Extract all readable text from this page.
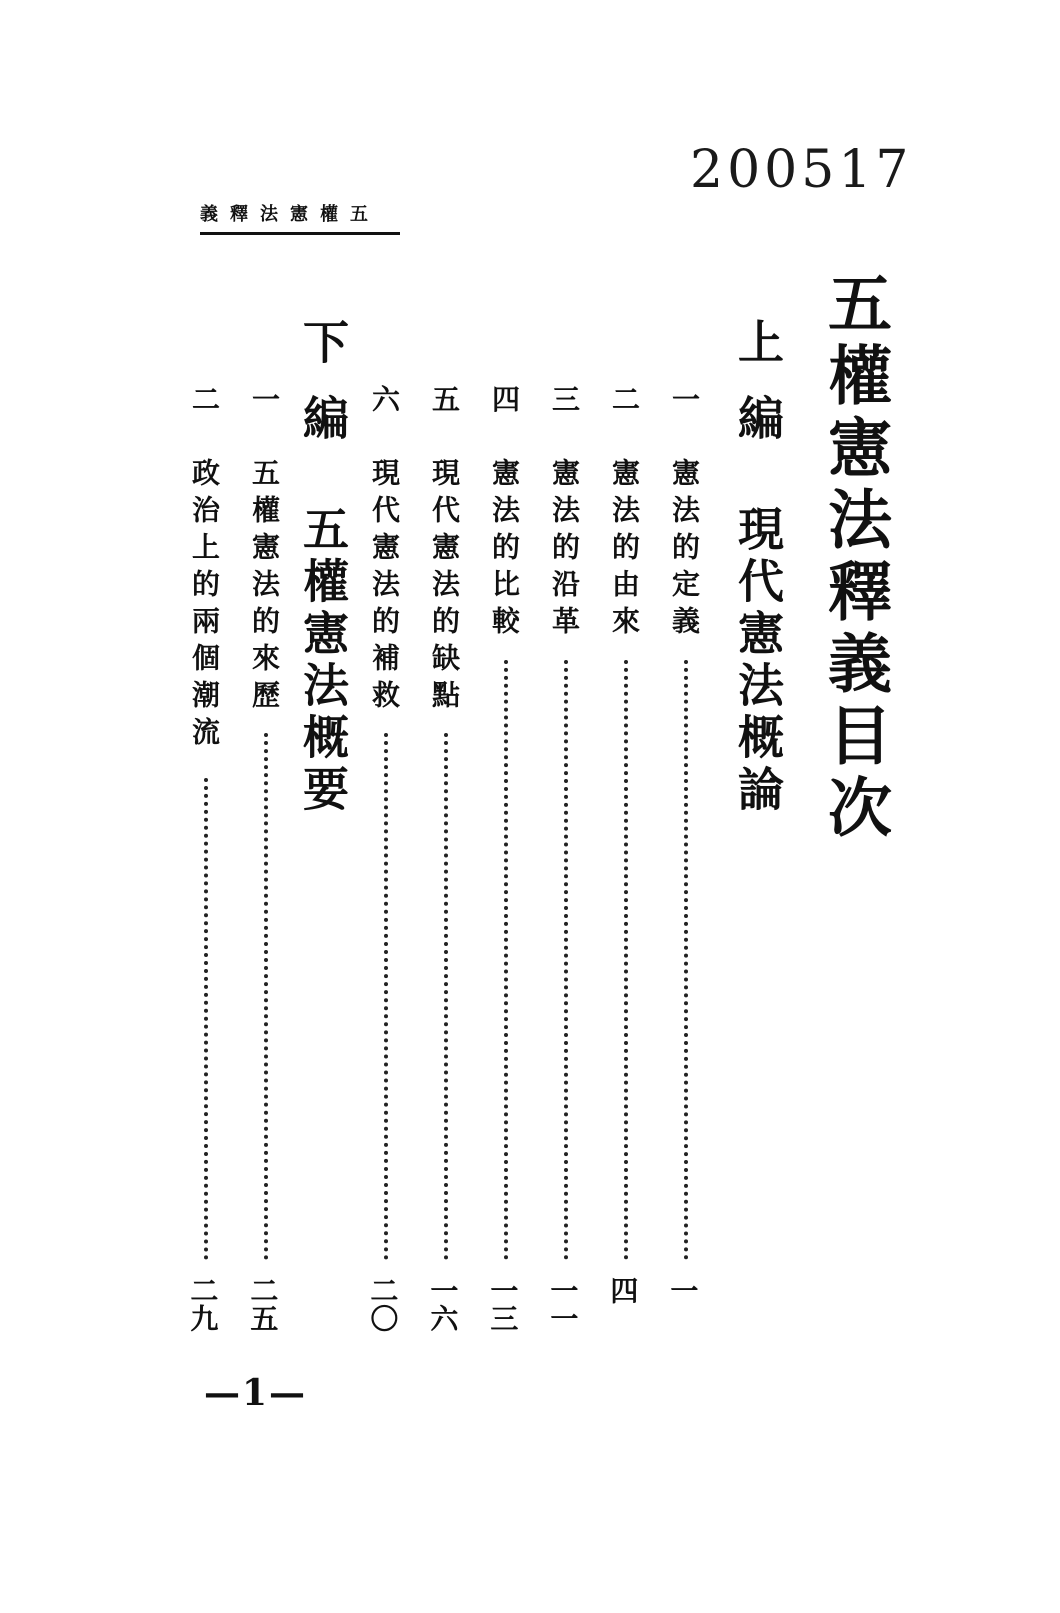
200517
五權憲法釋義
五權憲法釋義目次
上編
現代憲法概論
一
憲法的定義
一
二
憲法的由來
四
三
憲法的沿革
一一
四
憲法的比較
一三
五
現代憲法的缺點
一六
六
現代憲法的補救
二〇
下編
五權憲法概要
一
五權憲法的來歷
二五
二
政治上的兩個潮流
二九
—1—
